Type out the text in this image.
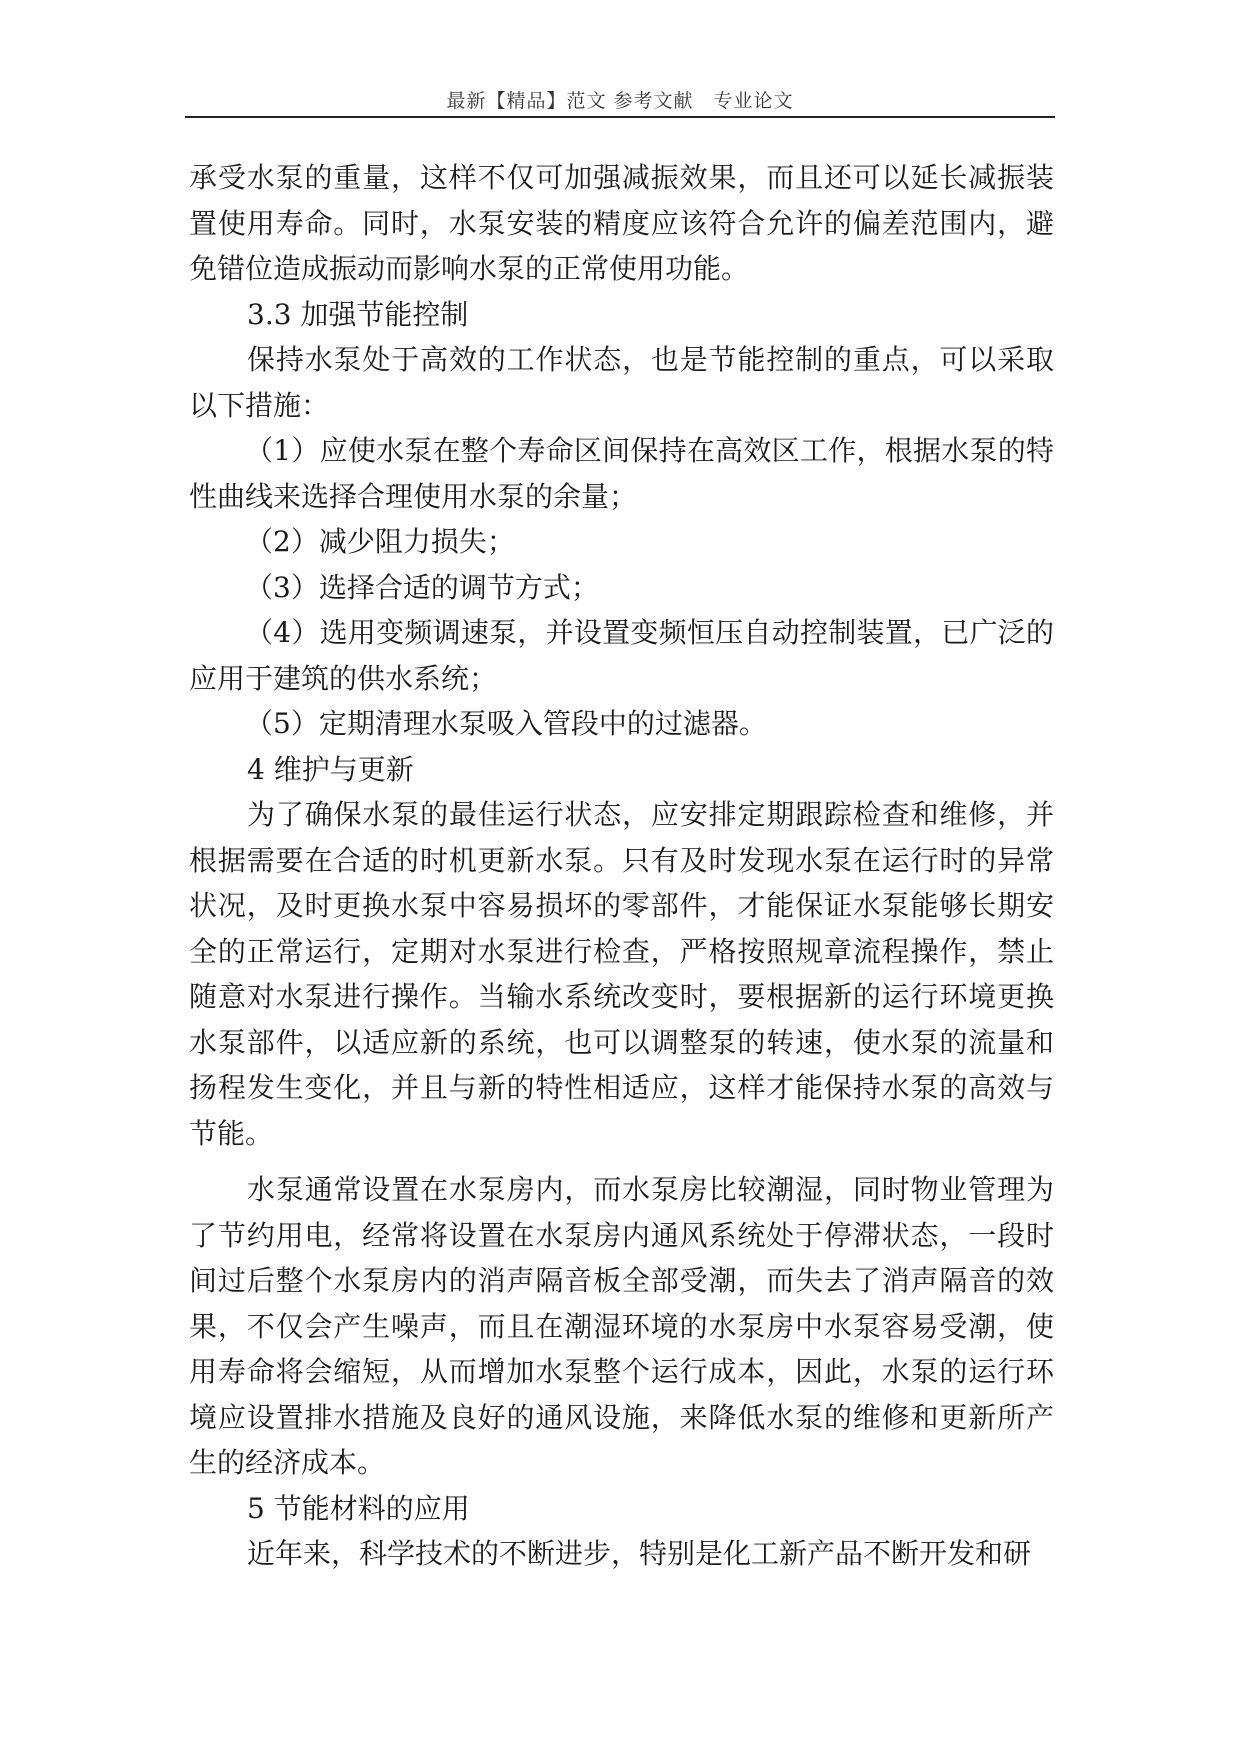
最新【精品】范文 参考文献　专业论文

承受水泵的重量，这样不仅可加强减振效果，而且还可以延长减振装置使用寿命。同时，水泵安装的精度应该符合允许的偏差范围内，避免错位造成振动而影响水泵的正常使用功能。

3.3 加强节能控制

保持水泵处于高效的工作状态，也是节能控制的重点，可以采取以下措施：

（1）应使水泵在整个寿命区间保持在高效区工作，根据水泵的特性曲线来选择合理使用水泵的余量；

（2）减少阻力损失；

（3）选择合适的调节方式；

（4）选用变频调速泵，并设置变频恒压自动控制装置，已广泛的应用于建筑的供水系统；

（5）定期清理水泵吸入管段中的过滤器。

4 维护与更新

为了确保水泵的最佳运行状态，应安排定期跟踪检查和维修，并根据需要在合适的时机更新水泵。只有及时发现水泵在运行时的异常状况，及时更换水泵中容易损坏的零部件，才能保证水泵能够长期安全的正常运行，定期对水泵进行检查，严格按照规章流程操作，禁止随意对水泵进行操作。当输水系统改变时，要根据新的运行环境更换水泵部件，以适应新的系统，也可以调整泵的转速，使水泵的流量和扬程发生变化，并且与新的特性相适应，这样才能保持水泵的高效与节能。

水泵通常设置在水泵房内，而水泵房比较潮湿，同时物业管理为了节约用电，经常将设置在水泵房内通风系统处于停滞状态，一段时间过后整个水泵房内的消声隔音板全部受潮，而失去了消声隔音的效果，不仅会产生噪声，而且在潮湿环境的水泵房中水泵容易受潮，使用寿命将会缩短，从而增加水泵整个运行成本，因此，水泵的运行环境应设置排水措施及良好的通风设施，来降低水泵的维修和更新所产生的经济成本。

5 节能材料的应用

近年来，科学技术的不断进步，特别是化工新产品不断开发和研
